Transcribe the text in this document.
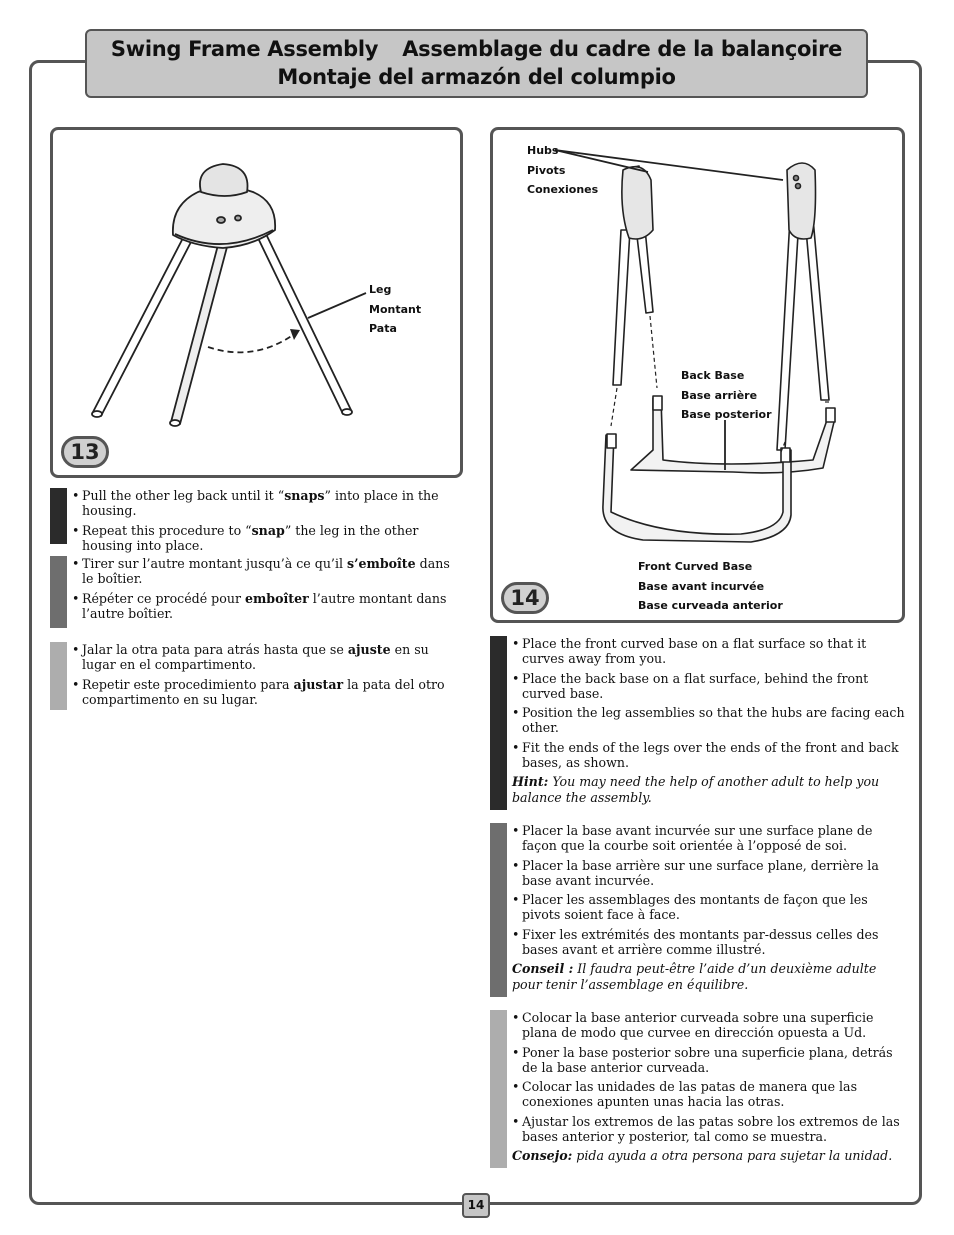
Swing Frame Assembly Assemblage du cadre de la balançoire
Montaje del armazón del columpio
Leg
Montant
Pata
13
• Pull the other leg back until it “snaps” into place in the housing.
• Repeat this procedure to “snap” the leg in the other housing into place.
• Tirer sur l’autre montant jusqu’à ce qu’il s’emboîte dans le boîtier.
• Répéter ce procédé pour emboîter l’autre montant dans l’autre boîtier.
• Jalar la otra pata para atrás hasta que se ajuste en su lugar en el compartimento.
• Repetir este procedimiento para ajustar la pata del otro compartimento en su lugar.
Hubs
Pivots
Conexiones
Back Base
Base arrière
Base posterior
Front Curved Base
Base avant incurvée
Base curveada anterior
14
• Place the front curved base on a flat surface so that it curves away from you.
• Place the back base on a flat surface, behind the front curved base.
• Position the leg assemblies so that the hubs are facing each other.
• Fit the ends of the legs over the ends of the front and back bases, as shown.

Hint: You may need the help of another adult to help you balance the assembly.

• Placer la base avant incurvée sur une surface plane de façon que la courbe soit orientée à l’opposé de soi.
• Placer la base arrière sur une surface plane, derrière la base avant incurvée.
• Placer les assemblages des montants de façon que les pivots soient face à face.
• Fixer les extrémités des montants par-dessus celles des bases avant et arrière comme illustré.

Conseil : Il faudra peut-être l’aide d’un deuxième adulte pour tenir l’assemblage en équilibre.

• Colocar la base anterior curveada sobre una superficie plana de modo que curvee en dirección opuesta a Ud.
• Poner la base posterior sobre una superficie plana, detrás de la base anterior curveada.
• Colocar las unidades de las patas de manera que las conexiones apunten unas hacia las otras.
• Ajustar los extremos de las patas sobre los extremos de las bases anterior y posterior, tal como se muestra.

Consejo: pida ayuda a otra persona para sujetar la unidad.

14
